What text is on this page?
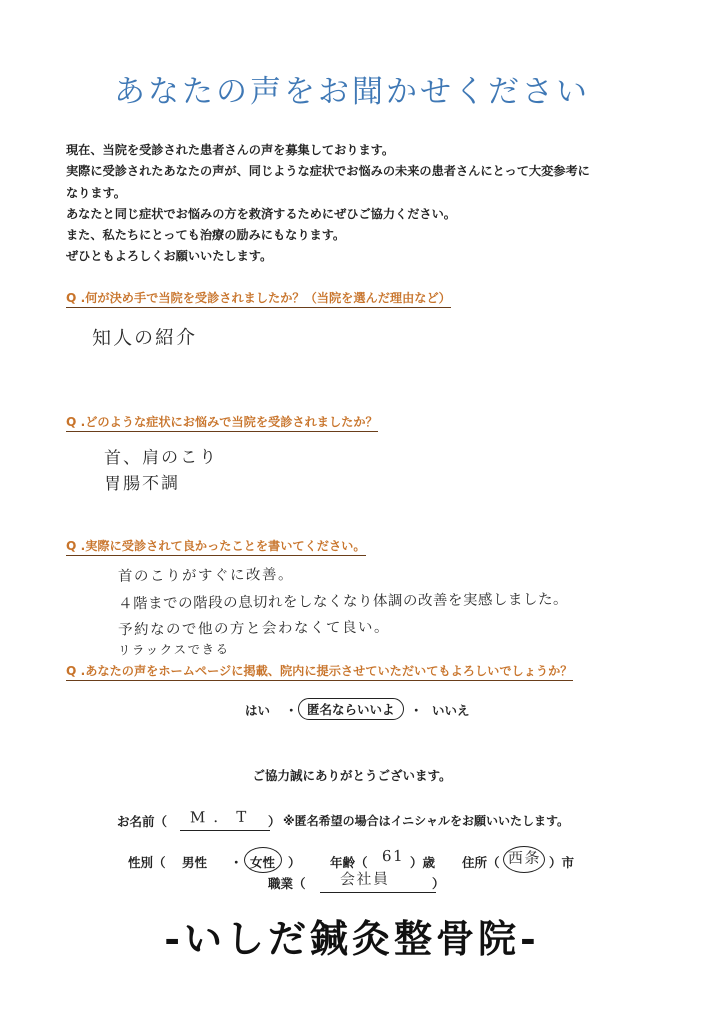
あなたの声をお聞かせください

現在、当院を受診された患者さんの声を募集しております。

実際に受診されたあなたの声が、同じような症状でお悩みの未来の患者さんにとって大変参考に

なります。

あなたと同じ症状でお悩みの方を救済するためにぜひご協力ください。

また、私たちにとっても治療の励みにもなります。

ぜひともよろしくお願いいたします。

Q .何が決め手で当院を受診されましたか？（当院を選んだ理由など）
知人の紹介
Q .どのような症状にお悩みで当院を受診されましたか？
首、肩のこり
胃腸不調
Q .実際に受診されて良かったことを書いてください。
首のこりがすぐに改善。
４階までの階段の息切れをしなくなり体調の改善を実感しました。
予約なので他の方と会わなくて良い。
リラックスできる
Q .あなたの声をホームページに掲載、院内に提示させていただいてもよろしいでしょうか？
はい ・ 匿名ならいいよ	・ いいえ
ご協力誠にありがとうございます。
お名前（ M．T ） ※匿名希望の場合はイニシャルをお願いいたします。
性別（ 男性 ・ 女性 ） 年齢（ 61 ）歳 住所（ 西条 ）市
職業（ 会社員	）
-いしだ鍼灸整骨院-
